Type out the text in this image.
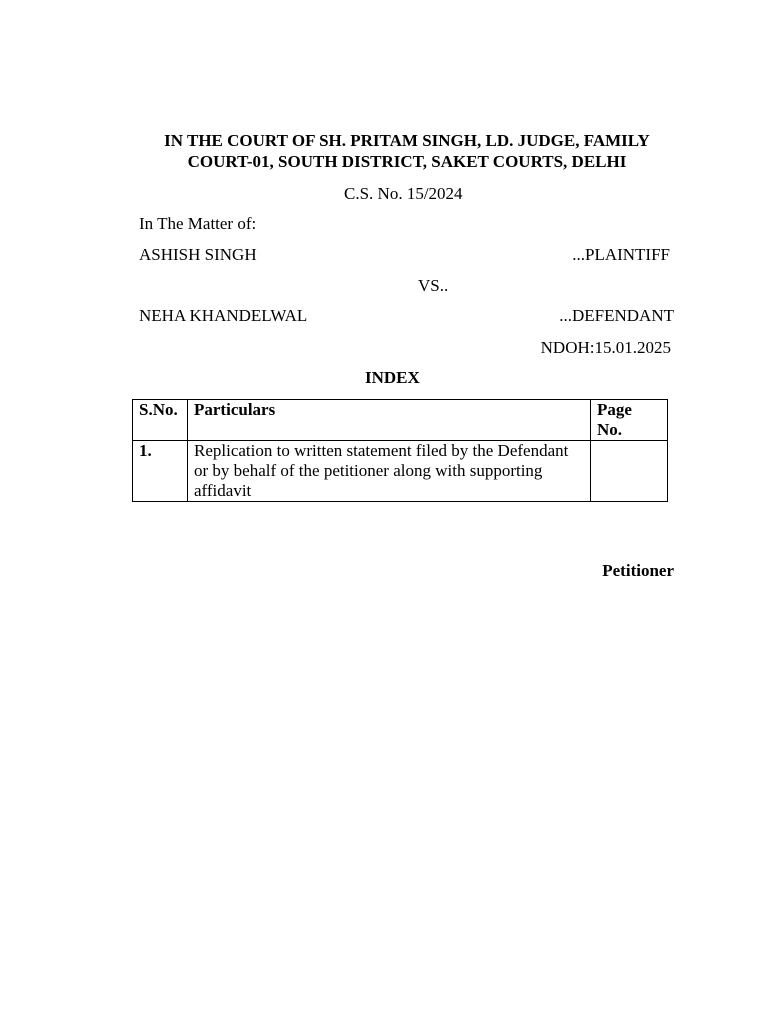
IN THE COURT OF SH. PRITAM SINGH, LD. JUDGE, FAMILY
COURT-01, SOUTH DISTRICT, SAKET COURTS, DELHI
C.S. No. 15/2024
In The Matter of:
ASHISH SINGH	...PLAINTIFF
VS..
NEHA KHANDELWAL	...DEFENDANT
NDOH:15.01.2025
INDEX
S.No.	Particulars	Page No.
1.	Replication to written statement filed by the Defendant or by behalf of the petitioner along with supporting affidavit	
Petitioner
